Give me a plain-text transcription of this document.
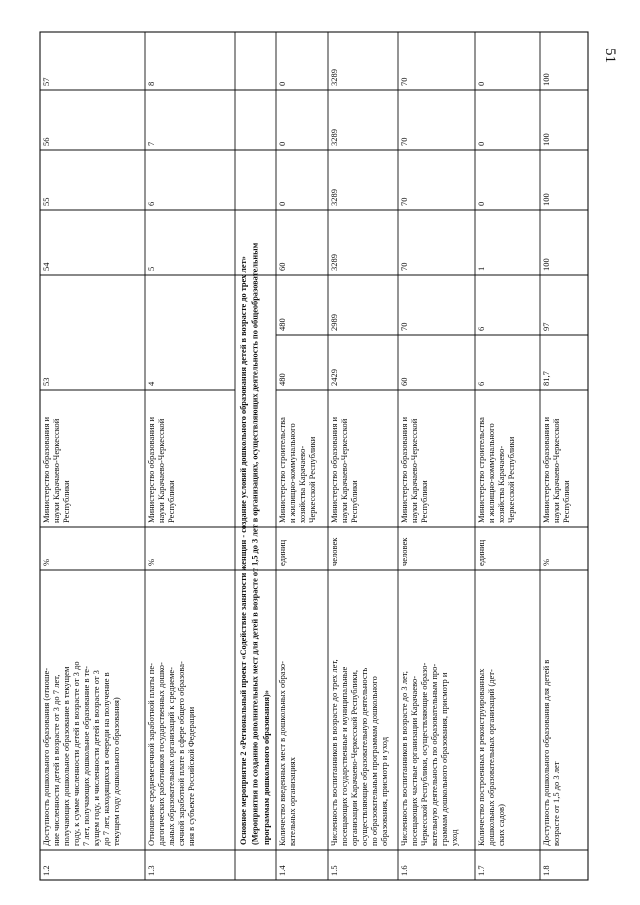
51
1.2
Доступность дошкольного образования (отноше- ние численности детей в возрасте от 3 до 7 лет, получающих дошкольное образование в текущем году, к сумме численности детей в возрасте от 3 до 7 лет, получающих дошкольное образование в те- кущем году, и численности детей в возрасте от 3 до 7 лет, находящихся в очереди на получение в текущем году дошкольного образования)
%
Министерство образования и науки Карачаево-Черкесской Республики
53
54
55
56
57
1.3
Отношение среднемесячной заработной платы пе- дагогических работников государственных дошко- льных образовательных организаций к среднеме- сячной заработной плате в сфере общего образова- ния в субъекте Российской Федерации
%
Министерство образования и науки Карачаево-Черкесской Республики
4
5
6
7
8
1.4
Количество введенных мест в дошкольных образо- вательных организациях
единиц
Министерство строительства и жилищно-коммунального хозяйства Карачаево- Черкесской Республики
480
480
60
0
0
0
1.5
Численность воспитанников в возрасте до трех лет, посещающих государственные и муниципальные организации Карачаево-Черкесской Республики, осуществляющие образовательную деятельность по образовательным программам дошкольного образования, присмотр и уход
человек
Министерство образования и науки Карачаево-Черкесской Республики
2429
2989
3289
3289
3289
3289
1.6
Численность воспитанников в возрасте до 3 лет, посещающих частные организации Карачаево- Черкесской Республики, осуществляющие образо- вательную деятельность по образовательным про- граммам дошкольного образования, присмотр и уход
человек
Министерство образования и науки Карачаево-Черкесской Республики
60
70
70
70
70
70
1.7
Количество построенных и реконструированных дошкольных образовательных организаций (дет- ских садов)
единиц
Министерство строительства и жилищно-коммунального хозяйства Карачаево- Черкесской Республики
6
6
1
0
0
0
1.8
Доступность дошкольного образования для детей в возрасте от 1,5 до 3 лет
%
Министерство образования и науки Карачаево-Черкесской Республики
81,7
97
100
100
100
100
Основное мероприятие 2 «Региональный проект «Содействие занятости женщин - создание условий дошкольного образования детей в возрасте до трех лет» (Мероприятия по созданию дополнительных мест для детей в возрасте от 1,5 до 3 лет в организациях, осуществляющих деятельность по общеобразовательным программам дошкольного образования)»
